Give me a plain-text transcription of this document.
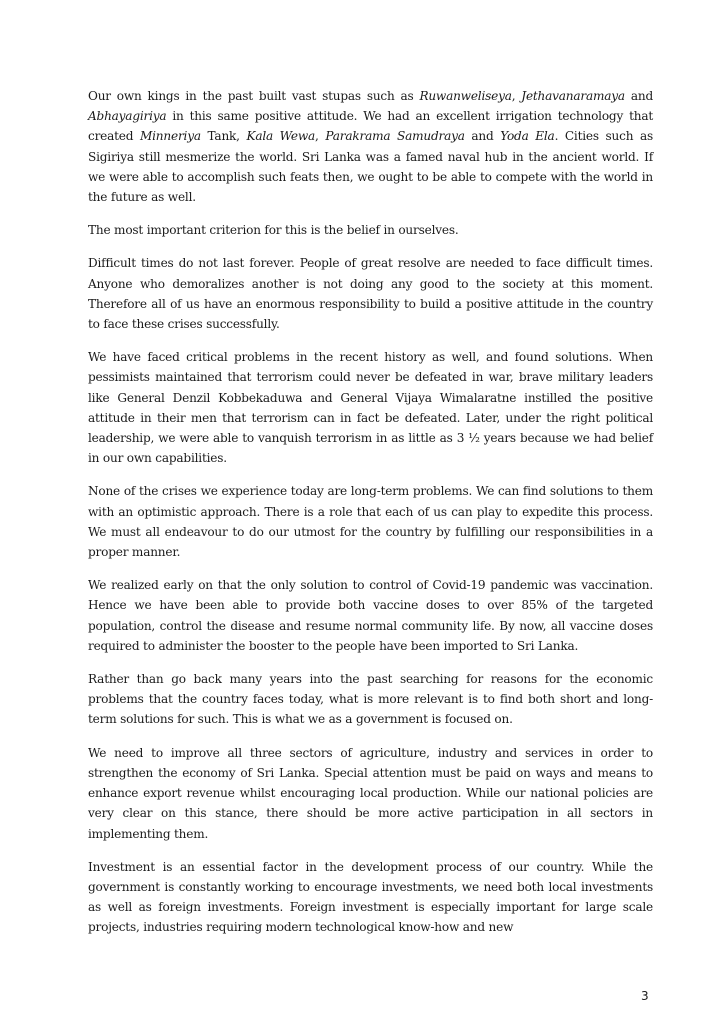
Our own kings in the past built vast stupas such as Ruwanweliseya, Jethavanaramaya and Abhayagiriya in this same positive attitude. We had an excellent irrigation technology that created Minneriya Tank, Kala Wewa, Parakrama Samudraya and Yoda Ela. Cities such as Sigiriya still mesmerize the world. Sri Lanka was a famed naval hub in the ancient world. If we were able to accomplish such feats then, we ought to be able to compete with the world in the future as well.

The most important criterion for this is the belief in ourselves.

Difficult times do not last forever. People of great resolve are needed to face difficult times. Anyone who demoralizes another is not doing any good to the society at this moment. Therefore all of us have an enormous responsibility to build a positive attitude in the country to face these crises successfully.

We have faced critical problems in the recent history as well, and found solutions. When pessimists maintained that terrorism could never be defeated in war, brave military leaders like General Denzil Kobbekaduwa and General Vijaya Wimalaratne instilled the positive attitude in their men that terrorism can in fact be defeated. Later, under the right political leadership, we were able to vanquish terrorism in as little as 3 ½ years because we had belief in our own capabilities.

None of the crises we experience today are long-term problems. We can find solutions to them with an optimistic approach. There is a role that each of us can play to expedite this process. We must all endeavour to do our utmost for the country by fulfilling our responsibilities in a proper manner.

We realized early on that the only solution to control of Covid-19 pandemic was vaccination. Hence we have been able to provide both vaccine doses to over 85% of the targeted population, control the disease and resume normal community life. By now, all vaccine doses required to administer the booster to the people have been imported to Sri Lanka.

Rather than go back many years into the past searching for reasons for the economic problems that the country faces today, what is more relevant is to find both short and long-term solutions for such. This is what we as a government is focused on.

We need to improve all three sectors of agriculture, industry and services in order to strengthen the economy of Sri Lanka. Special attention must be paid on ways and means to enhance export revenue whilst encouraging local production. While our national policies are very clear on this stance, there should be more active participation in all sectors in implementing them.

Investment is an essential factor in the development process of our country. While the government is constantly working to encourage investments, we need both local investments as well as foreign investments. Foreign investment is especially important for large scale projects, industries requiring modern technological know-how and new

3
